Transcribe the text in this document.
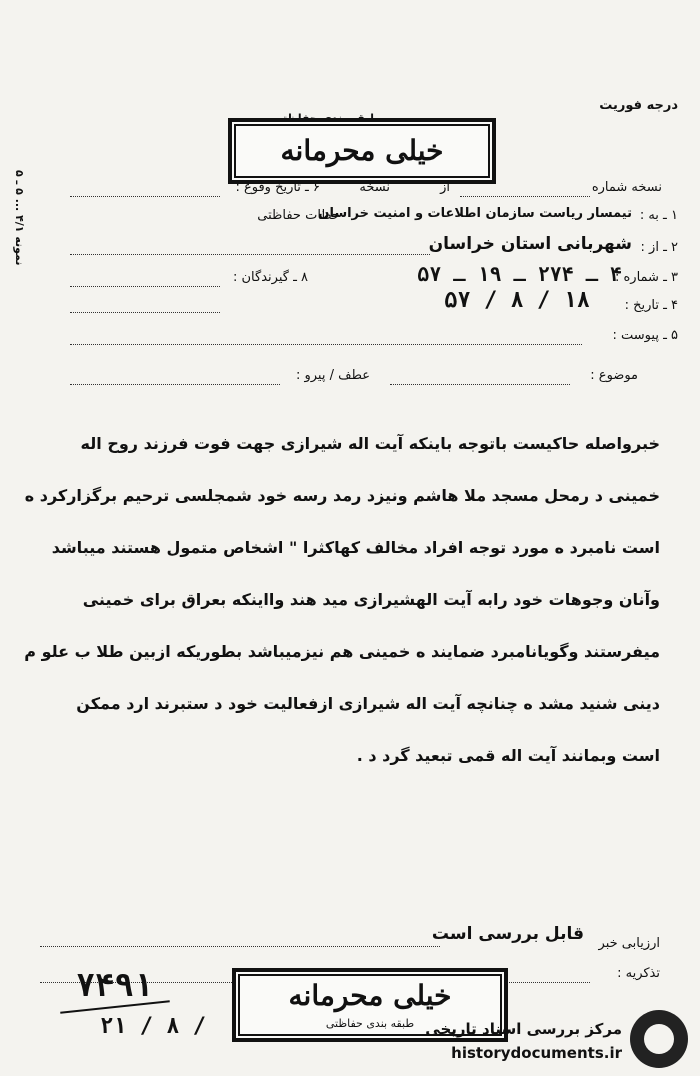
درجه فوریت
خیلی محرمانه
نمونه ۴/۱ ... ۵ ـ ۵
نسخه شماره
از
نسخه
۶ ـ تاریخ وقوع :
۱ ـ به :
تیمسار ریاست سازمان اطلاعات و امنیت خراسان
حظات حفاظتی
۲ ـ از :
شهربانی استان خراسان
۳ ـ شماره :
۵۷ ـ ۱۹ ـ ۲۷۴ ـ ۴
۸ ـ گیرندگان :
۴ ـ تاریخ :
۵۷ / ۸ / ۱۸
۵ ـ پیوست :
موضوع :
عطف / پیرو :
خبرواصله حاکیست باتوجه باینکه آیت اله شیرازی جهت فوت فرزند روح اله
خمینی د رمحل مسجد ملا هاشم ونیزد رمد رسه خود شمجلسی ترحیم برگزارکرد ه
است نامبرد ه مورد توجه افراد مخالف کهاکثرا " اشخاص متمول هستند میباشد
وآنان وجوهات خود رابه آیت الهشیرازی مید هند وااینکه بعراق برای خمینی
میفرستند وگویانامبرد ضمایند ه خمینی هم نیزمیباشد بطوریکه ازبین طلا ب علو م
دینی شنید مشد ه چنانچه آیت اله شیرازی ازفعالیت خود د ستبرند ارد ممکن
است وبمانند آیت اله قمی تبعید گرد د .
ارزیابی خبر
قابل بررسی است
تذکریه :
۷۴۹۱
۲۱ / ۸ /
خیلی محرمانه
طبقه بندی حفاظتی مرکز بررسی اسناد تاریخی
historydocuments.ir
